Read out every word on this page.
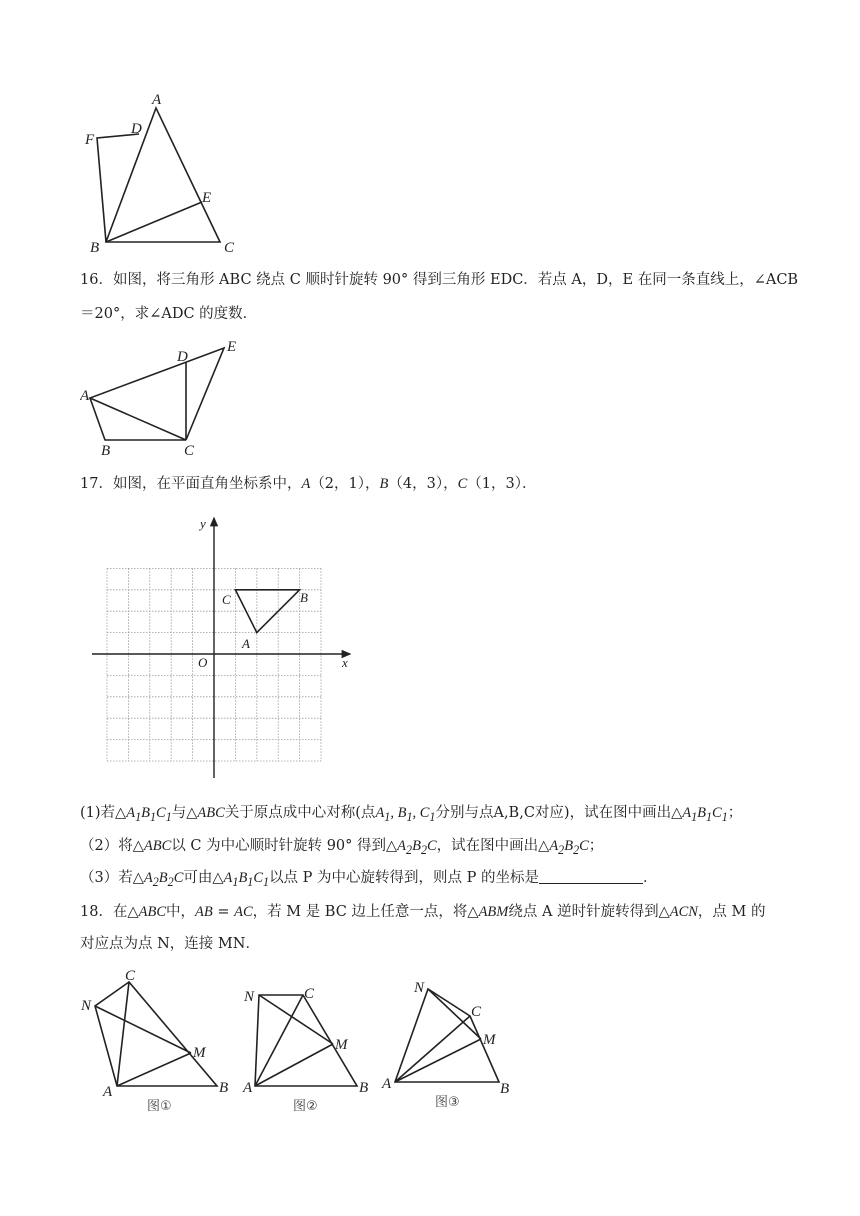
A
D
F
E
B	C
16．如图，将三角形 ABC 绕点 C 顺时针旋转 90° 得到三角形 EDC．若点 A，D，E 在同一条直线上，∠ACB
＝20°，求∠ADC 的度数．
D
E
A
B	C
17．如图，在平面直角坐标系中，A（2，1），B（4，3），C（1，3）．
x
y
O
C	B
A
(1)若$\triangle A_1B_1C_1$与△ABC关于原点成中心对称(点$A_1$, $B_1$, $C_1$分别与点A,B,C对应)，试在图中画出$\triangle A_1B_1C_1$；
（2）将△ABC以 C 为中心顺时针旋转 90° 得到$\triangle A_2B_2C$，试在图中画出$\triangle A_2B_2C$；
（3）若$\triangle A_2B_2C$可由$\triangle A_1B_1C_1$以点 P 为中心旋转得到，则点 P 的坐标是	．
18．在△ABC中，AB = AC，若 M 是 BC 边上任意一点，将△ABM绕点 A 逆时针旋转得到△ACN，点 M 的
对应点为点 N，连接 MN．
N
C
M
A	B
图①
N	C
M
A	B
图②
N
C
M
A	B
图③
